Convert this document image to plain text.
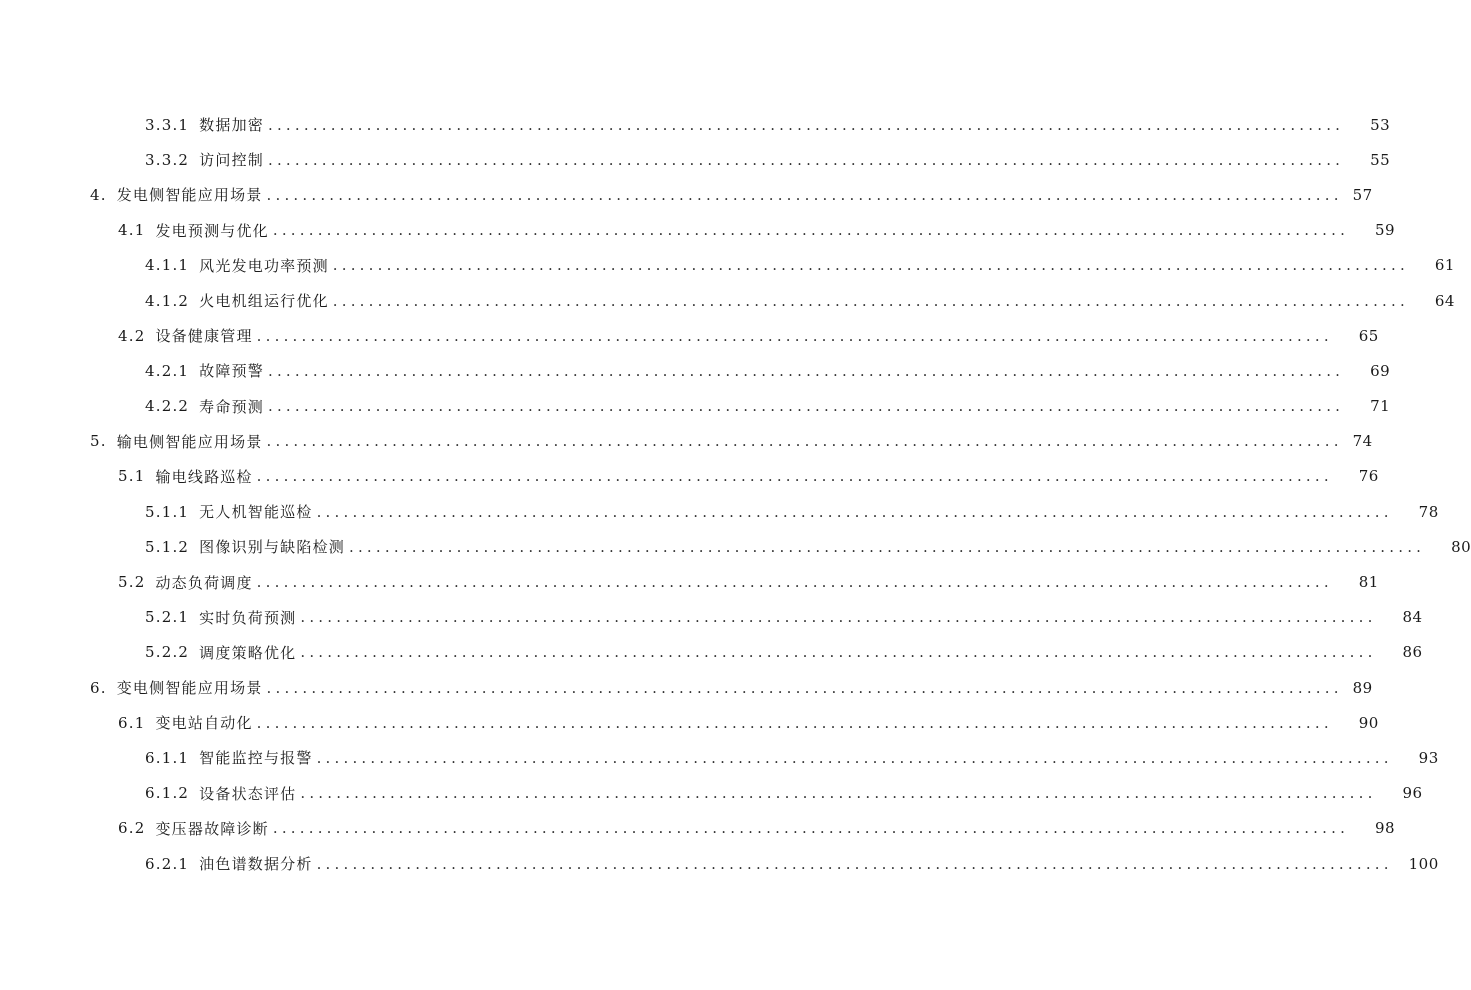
3.3.1 数据加密 ........................................................................................................................	53
3.3.2 访问控制 ........................................................................................................................	55
4. 发电侧智能应用场景 ........................................................................................................................ 57
4.1 发电预测与优化 ........................................................................................................................	59
4.1.1 风光发电功率预测 ........................................................................................................................	61
4.1.2 火电机组运行优化 ........................................................................................................................	64
4.2 设备健康管理 ........................................................................................................................	65
4.2.1 故障预警 ........................................................................................................................	69
4.2.2 寿命预测 ........................................................................................................................	71
5. 输电侧智能应用场景 ........................................................................................................................ 74
5.1 输电线路巡检 ........................................................................................................................	76
5.1.1 无人机智能巡检 ........................................................................................................................	78
5.1.2 图像识别与缺陷检测 ........................................................................................................................	80
5.2 动态负荷调度 ........................................................................................................................	81
5.2.1 实时负荷预测 ........................................................................................................................	84
5.2.2 调度策略优化 ........................................................................................................................	86
6. 变电侧智能应用场景 ........................................................................................................................ 89
6.1 变电站自动化 ........................................................................................................................	90
6.1.1 智能监控与报警 ........................................................................................................................	93
6.1.2 设备状态评估 ........................................................................................................................	96
6.2 变压器故障诊断 ........................................................................................................................	98
6.2.1 油色谱数据分析 ........................................................................................................................	100
